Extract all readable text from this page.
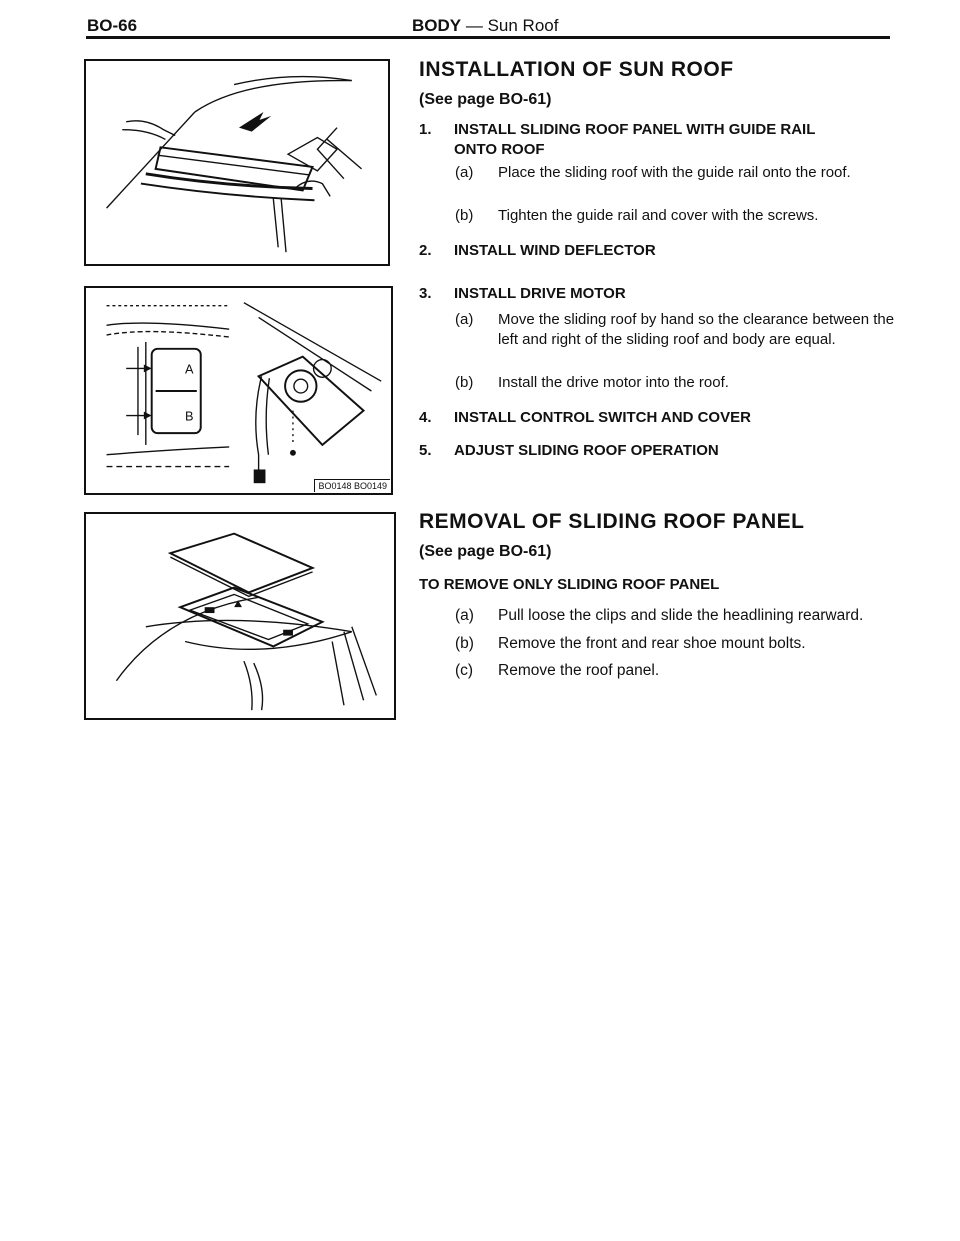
BO-66	BODY — Sun Roof
A
B
BO0148 BO0149
INSTALLATION OF SUN ROOF
(See page BO-61)
1. INSTALL SLIDING ROOF PANEL WITH GUIDE RAIL ONTO ROOF
(a) Place the sliding roof with the guide rail onto the roof.
(b) Tighten the guide rail and cover with the screws.
2. INSTALL WIND DEFLECTOR
3. INSTALL DRIVE MOTOR
(a) Move the sliding roof by hand so the clearance between the left and right of the sliding roof and body are equal.
(b) Install the drive motor into the roof.
4. INSTALL CONTROL SWITCH AND COVER
5. ADJUST SLIDING ROOF OPERATION
REMOVAL OF SLIDING ROOF PANEL
(See page BO-61)
TO REMOVE ONLY SLIDING ROOF PANEL
(a) Pull loose the clips and slide the headlining rearward.
(b) Remove the front and rear shoe mount bolts.
(c) Remove the roof panel.
